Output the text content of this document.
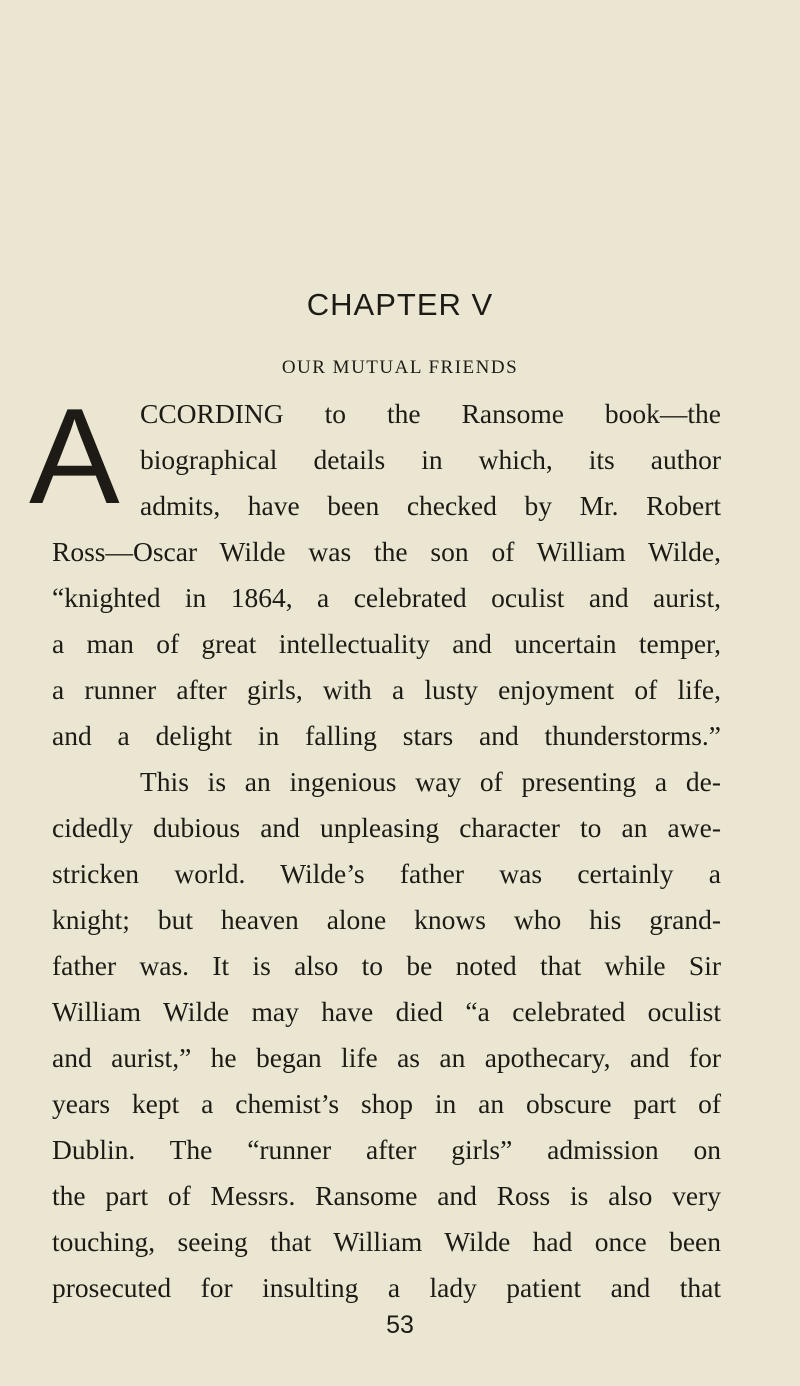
CHAPTER V
OUR MUTUAL FRIENDS
A CCORDING to the Ransome book—the
biographical details in which, its author
admits, have been checked by Mr. Robert
Ross—Oscar Wilde was the son of William Wilde,
“knighted in 1864, a celebrated oculist and aurist,
a man of great intellectuality and uncertain temper,
a runner after girls, with a lusty enjoyment of life,
and a delight in falling stars and thunderstorms.”
This is an ingenious way of presenting a de-
cidedly dubious and unpleasing character to an awe-
stricken world. Wilde’s father was certainly a
knight; but heaven alone knows who his grand-
father was. It is also to be noted that while Sir
William Wilde may have died “a celebrated oculist
and aurist,” he began life as an apothecary, and for
years kept a chemist’s shop in an obscure part of
Dublin. The “runner after girls” admission on
the part of Messrs. Ransome and Ross is also very
touching, seeing that William Wilde had once been
prosecuted for insulting a lady patient and that
53
